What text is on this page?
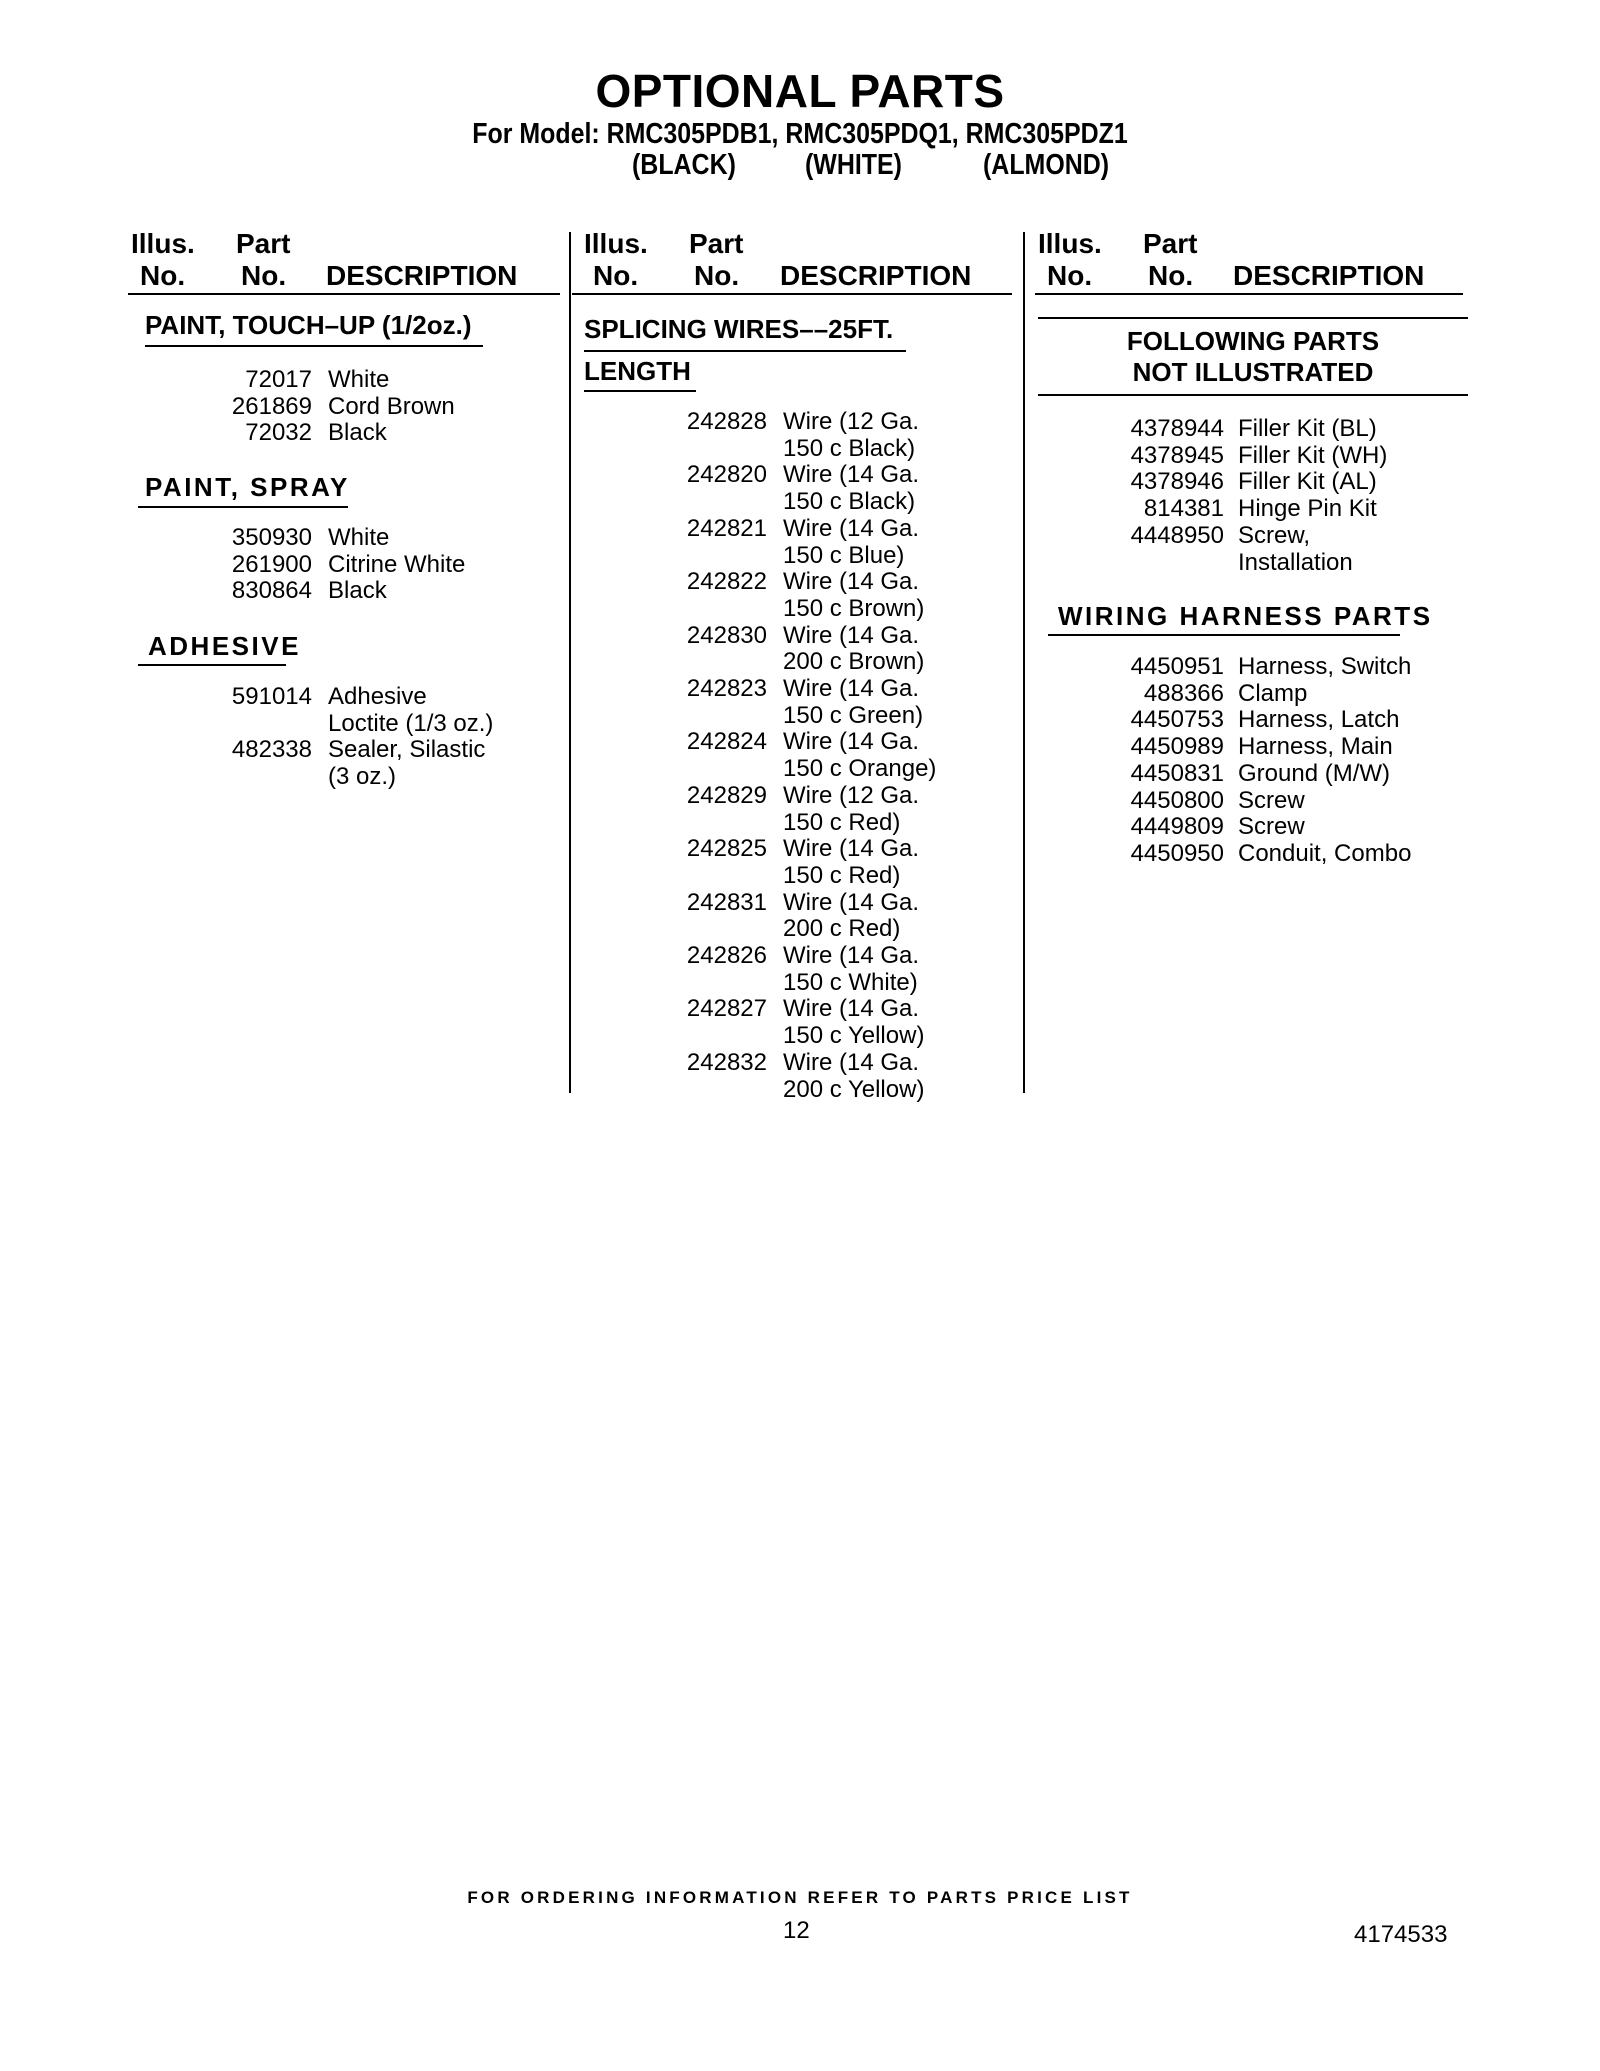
OPTIONAL PARTS
For Model: RMC305PDB1, RMC305PDQ1, RMC305PDZ1
(BLACK) (WHITE)	(ALMOND)
Illus.
No.
Part
No. DESCRIPTION
Illus.
No.
Part
No. DESCRIPTION
Illus.
No.
Part
No. DESCRIPTION
PAINT, TOUCH–UP (1/2oz.)
72017 White
261869 Cord Brown
72032 Black
PAINT, SPRAY
350930 White
261900 Citrine White
830864 Black
ADHESIVE
591014 Adhesive
Loctite (1/3 oz.)
482338 Sealer, Silastic
(3 oz.)
SPLICING WIRES––25FT.
LENGTH
242828 Wire (12 Ga.
150 c Black)
242820 Wire (14 Ga.
150 c Black)
242821 Wire (14 Ga.
150 c Blue)
242822 Wire (14 Ga.
150 c Brown)
242830 Wire (14 Ga.
200 c Brown)
242823 Wire (14 Ga.
150 c Green)
242824 Wire (14 Ga.
150 c Orange)
242829 Wire (12 Ga.
150 c Red)
242825 Wire (14 Ga.
150 c Red)
242831 Wire (14 Ga.
200 c Red)
242826 Wire (14 Ga.
150 c White)
242827 Wire (14 Ga.
150 c Yellow)
242832 Wire (14 Ga.
200 c Yellow)
FOLLOWING PARTS
NOT ILLUSTRATED
4378944 Filler Kit (BL)
4378945 Filler Kit (WH)
4378946 Filler Kit (AL)
814381 Hinge Pin Kit
4448950 Screw,
Installation
WIRING HARNESS PARTS
4450951 Harness, Switch
488366 Clamp
4450753 Harness, Latch
4450989 Harness, Main
4450831 Ground (M/W)
4450800 Screw
4449809 Screw
4450950 Conduit, Combo
FOR ORDERING INFORMATION REFER TO PARTS PRICE LIST
12	4174533
